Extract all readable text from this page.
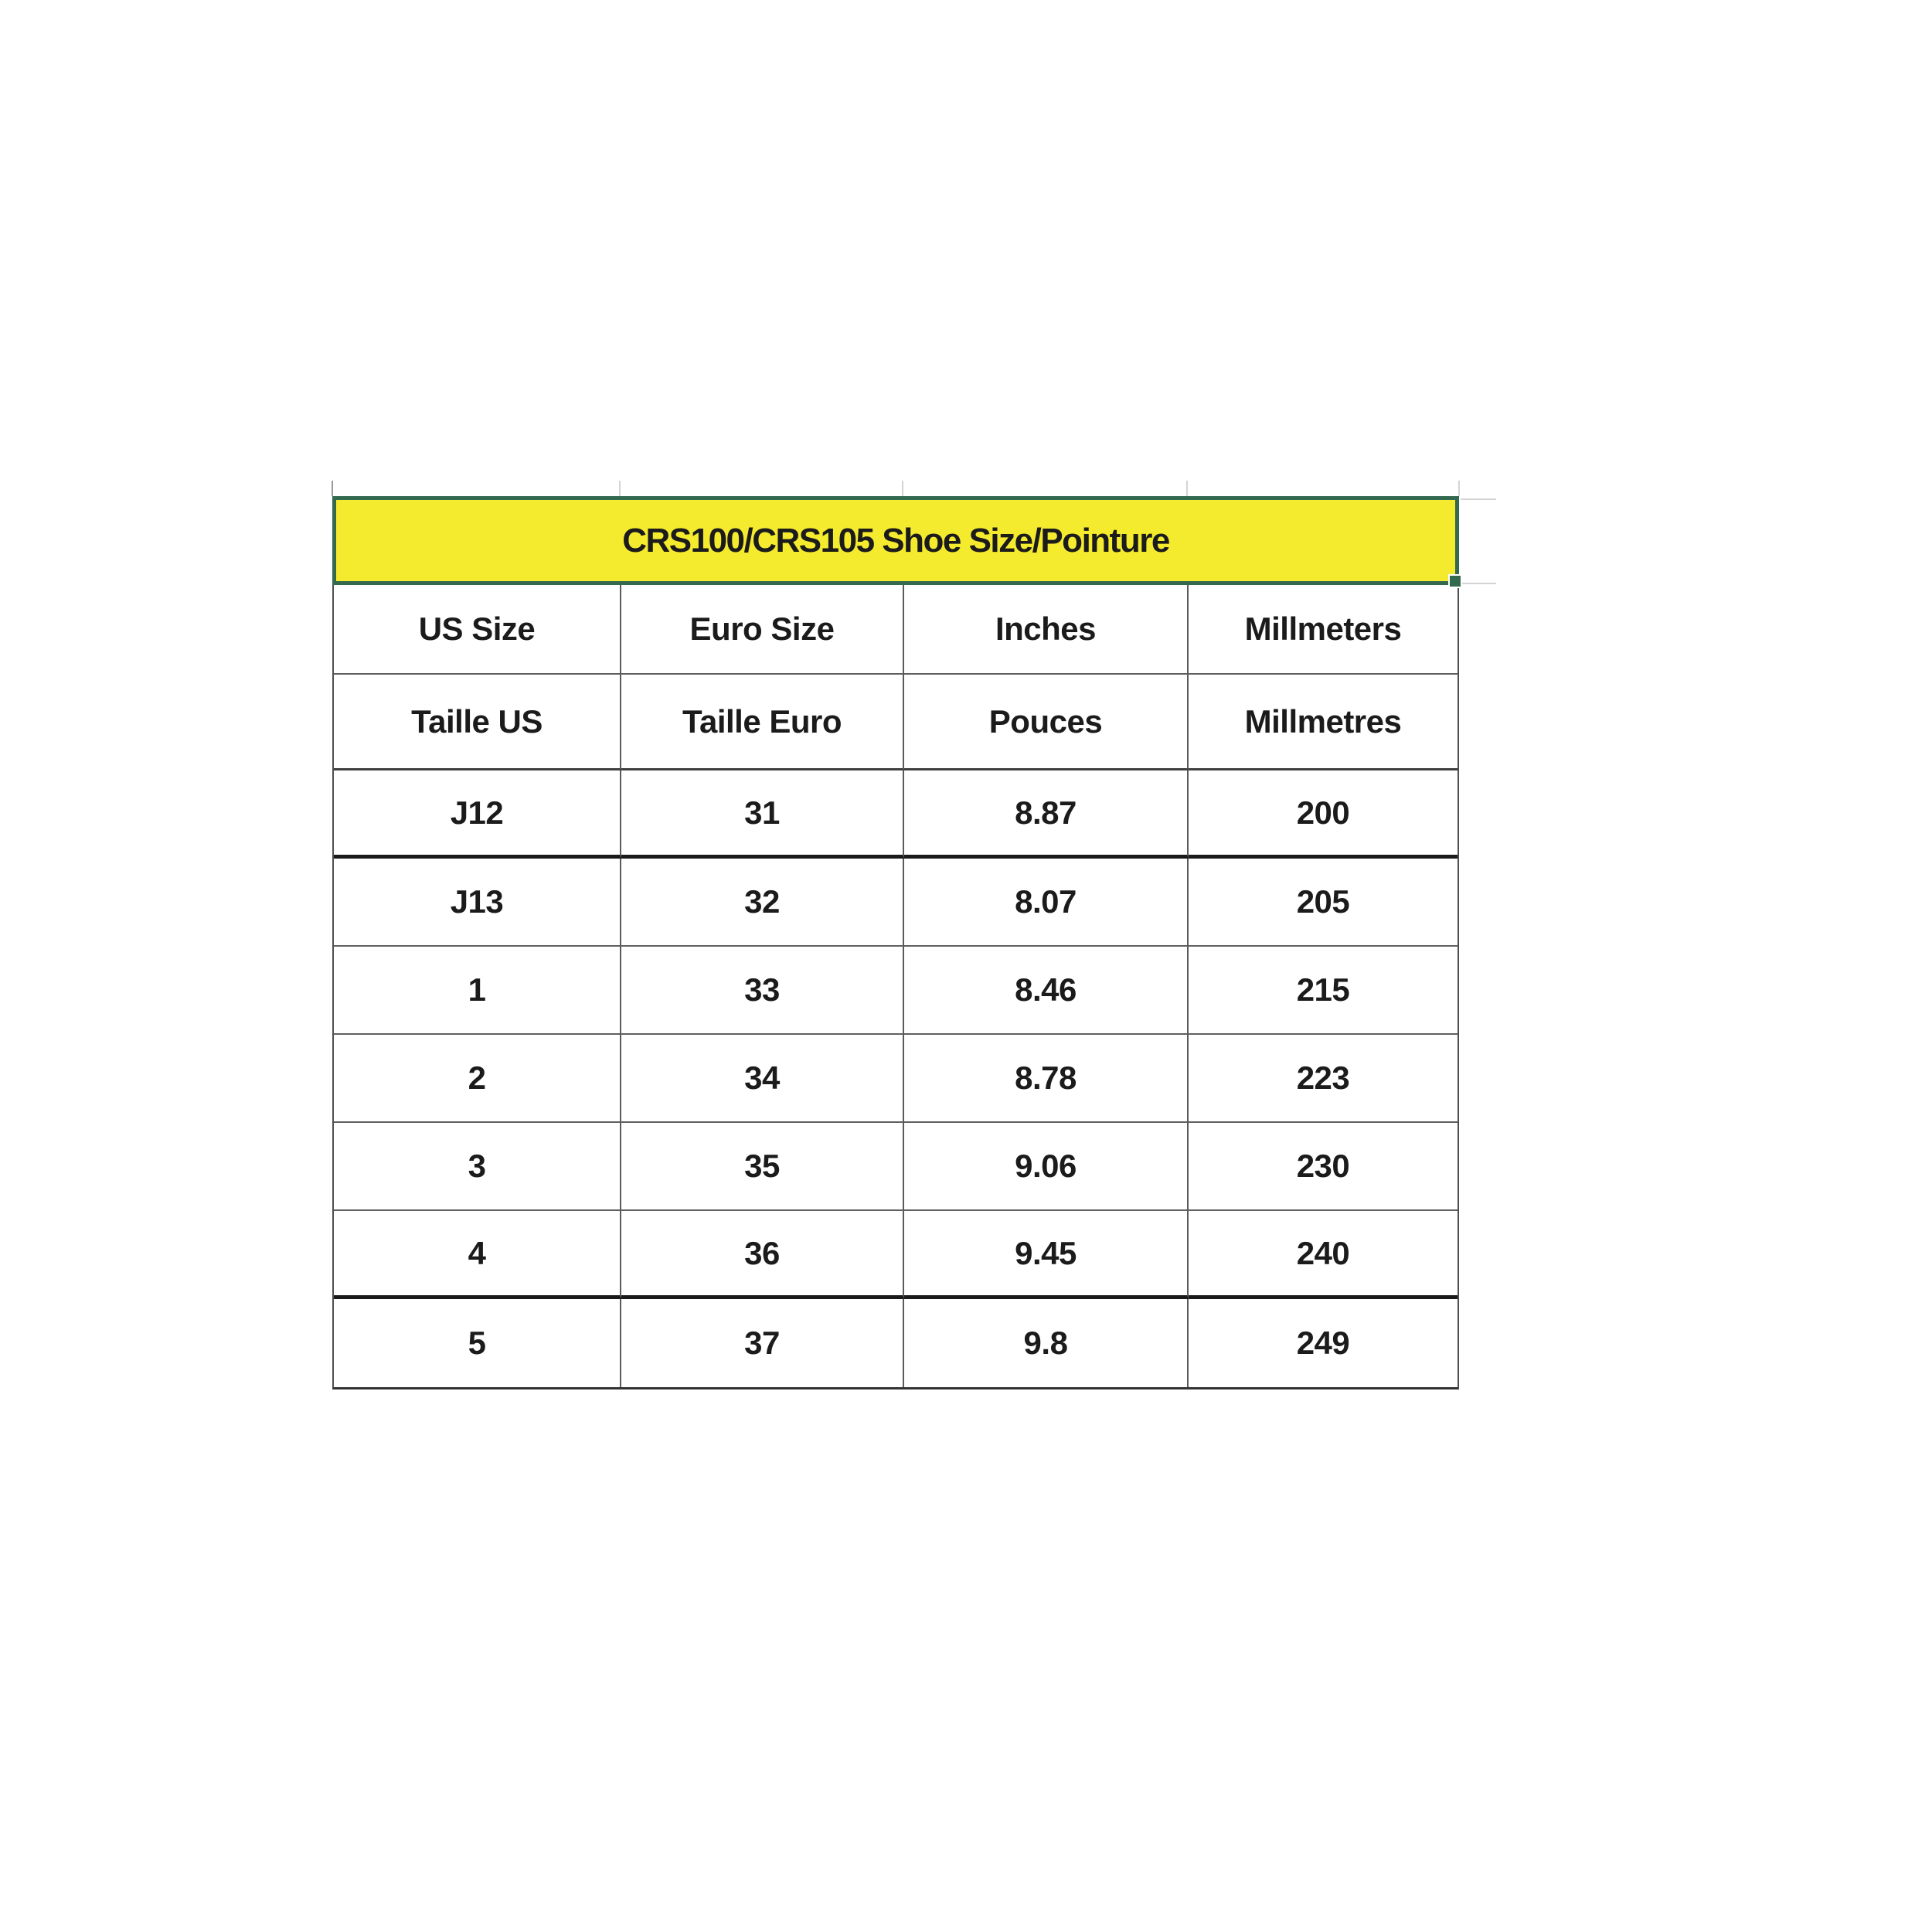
CRS100/CRS105 Shoe Size/Pointure
US Size	Euro Size	Inches	Millmeters
Taille US	Taille Euro	Pouces	Millmetres
J12	31	8.87	200
J13	32	8.07	205
1	33	8.46	215
2	34	8.78	223
3	35	9.06	230
4	36	9.45	240
5	37	9.8	249
